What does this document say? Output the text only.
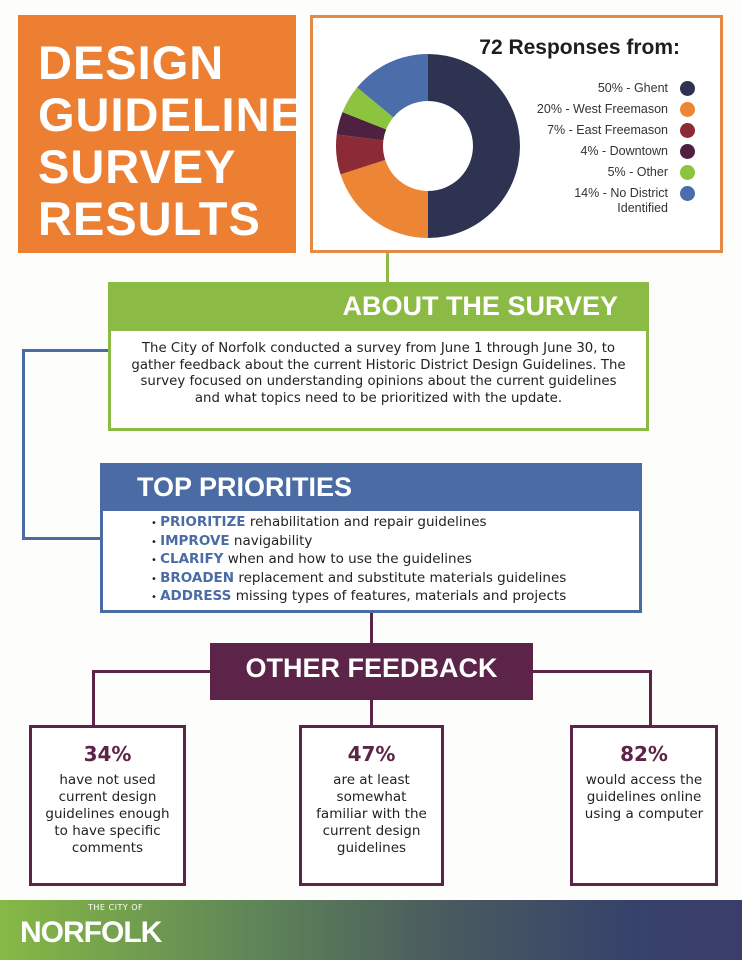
DESIGN
GUIDELINE
SURVEY
RESULTS
72 Responses from:
50% - Ghent
20% - West Freemason
7% - East Freemason
4% - Downtown
5% - Other
14% - No District Identified
ABOUT THE SURVEY
The City of Norfolk conducted a survey from June 1 through June 30, to gather feedback about the current Historic District Design Guidelines. The survey focused on understanding opinions about the current guidelines and what topics need to be prioritized with the update.
TOP PRIORITIES
• PRIORITIZE rehabilitation and repair guidelines
• IMPROVE navigability
• CLARIFY when and how to use the guidelines
• BROADEN replacement and substitute materials guidelines
• ADDRESS missing types of features, materials and projects
OTHER FEEDBACK
34%
have not used current design guidelines enough to have specific comments
47%
are at least somewhat familiar with the current design guidelines
82%
would access the guidelines online using a computer
THE CITY OF
NORFOLK
